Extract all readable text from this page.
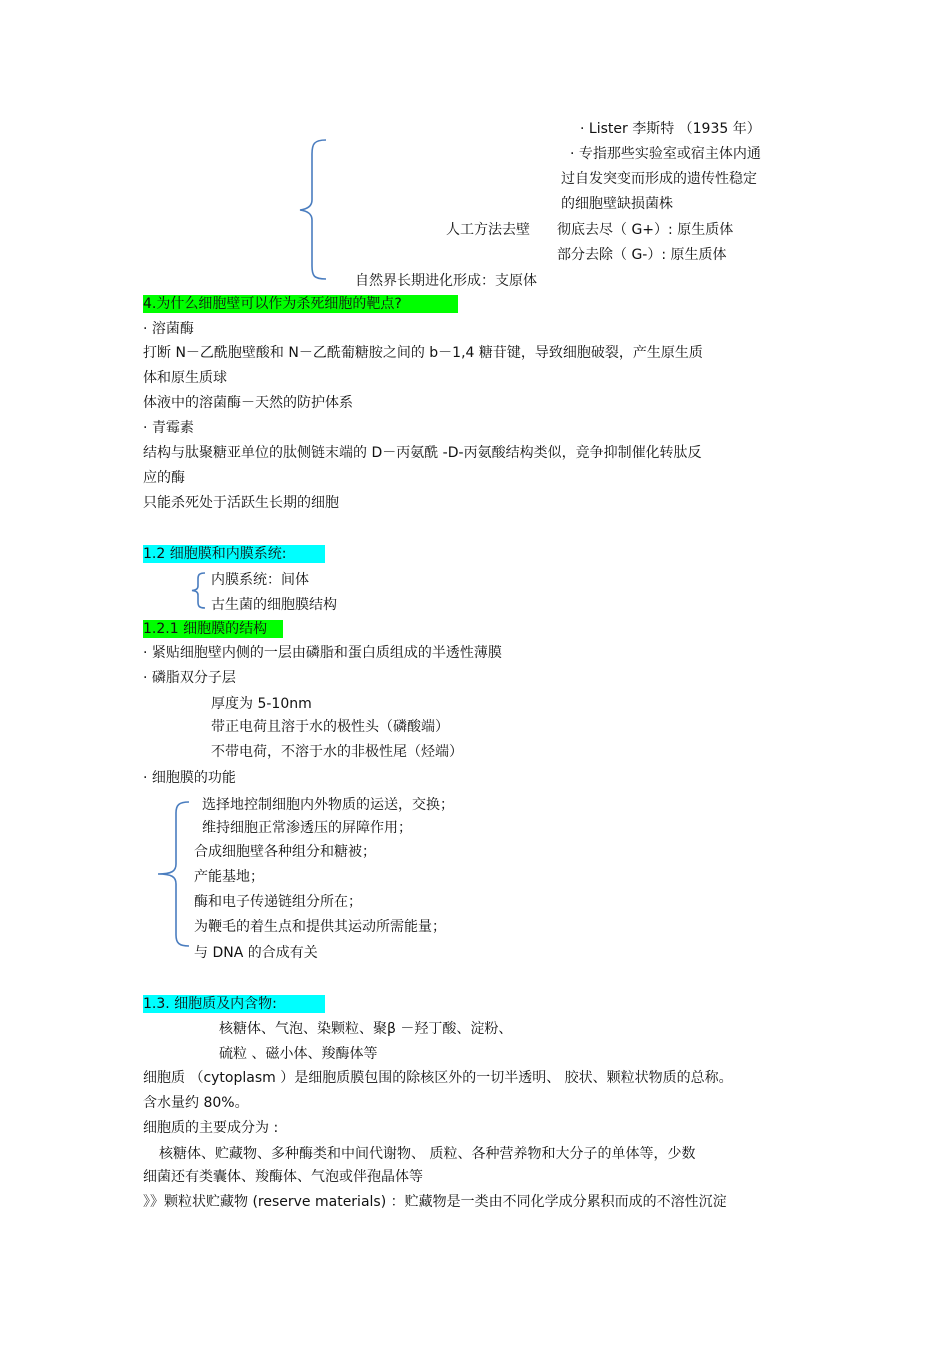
· Lister 李斯特 （1935 年）
· 专指那些实验室或宿主体内通
过自发突变而形成的遗传性稳定
的细胞壁缺损菌株
人工方法去壁 彻底去尽（ G+）: 原生质体
部分去除（ G-）: 原生质体
自然界长期进化形成：支原体
4.为什么细胞壁可以作为杀死细胞的靶点?
· 溶菌酶
打断 N－乙酰胞壁酸和 N－乙酰葡糖胺之间的 b－1,4 糖苷键，导致细胞破裂，产生原生质
体和原生质球
体液中的溶菌酶－天然的防护体系
· 青霉素
结构与肽聚糖亚单位的肽侧链末端的 D－丙氨酰 -D-丙氨酸结构类似，竞争抑制催化转肽反
应的酶
只能杀死处于活跃生长期的细胞
1.2 细胞膜和内膜系统:
内膜系统：间体
古生菌的细胞膜结构
1.2.1 细胞膜的结构
· 紧贴细胞壁内侧的一层由磷脂和蛋白质组成的半透性薄膜
· 磷脂双分子层
厚度为 5-10nm
带正电荷且溶于水的极性头（磷酸端）
不带电荷，不溶于水的非极性尾（烃端）
· 细胞膜的功能
选择地控制细胞内外物质的运送，交换；
维持细胞正常渗透压的屏障作用；
合成细胞壁各种组分和糖被；
产能基地；
酶和电子传递链组分所在；
为鞭毛的着生点和提供其运动所需能量；
与 DNA 的合成有关
1.3. 细胞质及内含物:
核糖体、气泡、染颗粒、聚β －羟丁酸、淀粉、
硫粒 、磁小体、羧酶体等
细胞质 （cytoplasm ）是细胞质膜包围的除核区外的一切半透明、 胶状、颗粒状物质的总称。
含水量约 80%。
细胞质的主要成分为 :
核糖体、贮藏物、多种酶类和中间代谢物、 质粒、各种营养物和大分子的单体等，少数
细菌还有类囊体、羧酶体、气泡或伴孢晶体等
》》颗粒状贮藏物 (reserve materials) ：贮藏物是一类由不同化学成分累积而成的不溶性沉淀
